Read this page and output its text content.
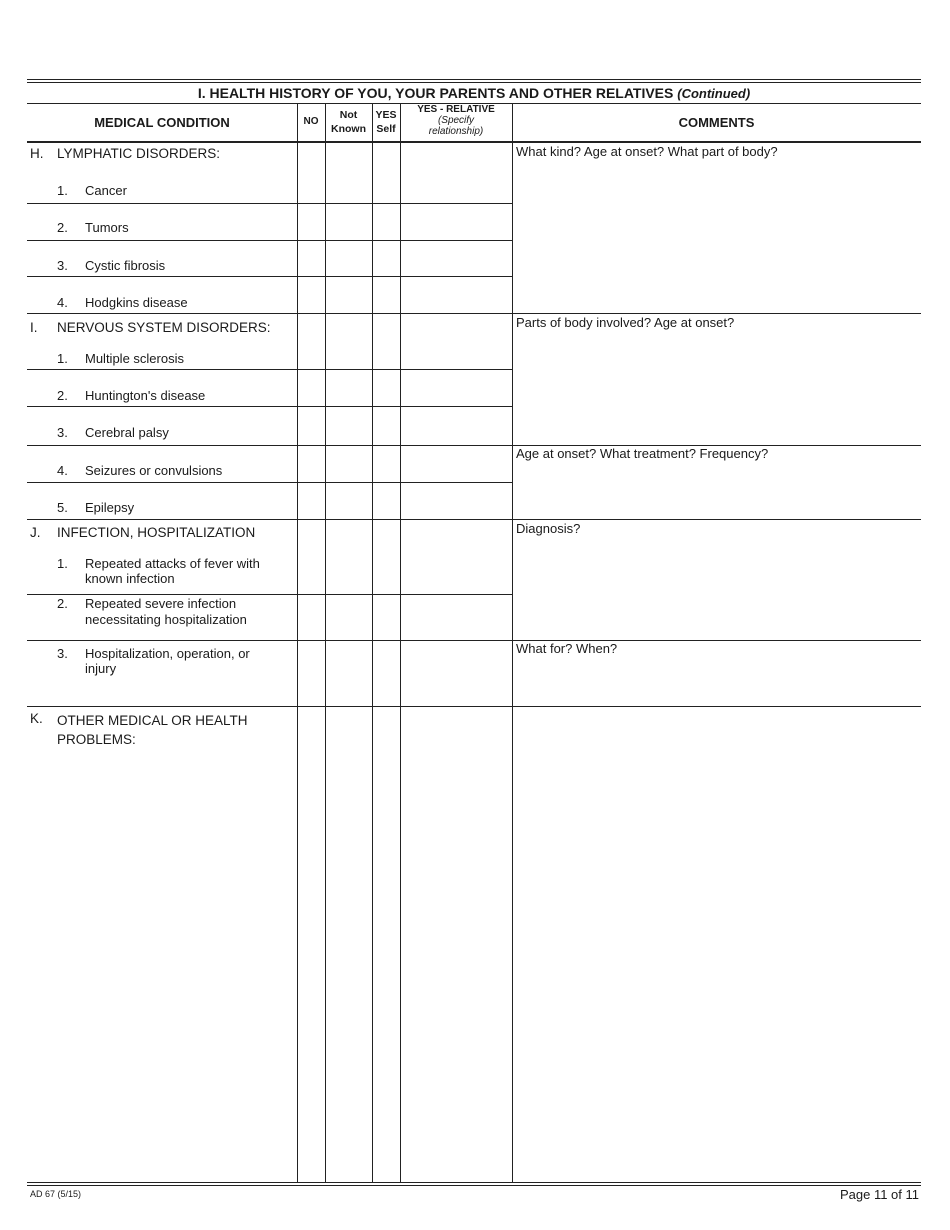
I. HEALTH HISTORY OF YOU, YOUR PARENTS AND OTHER RELATIVES (Continued)
MEDICAL CONDITION	NO
Not
Known
YES
Self
YES - RELATIVE
(Specify
relationship)
COMMENTS
H. LYMPHATIC DISORDERS:
1. Cancer
2. Tumors
3. Cystic fibrosis
4. Hodgkins disease
What kind? Age at onset? What part of body?
I. NERVOUS SYSTEM DISORDERS:
1. Multiple sclerosis
2. Huntington's disease
3. Cerebral palsy
4. Seizures or convulsions
5. Epilepsy
Parts of body involved? Age at onset?
Age at onset? What treatment? Frequency?
J. INFECTION, HOSPITALIZATION
1. Repeated attacks of fever with
known infection
2. Repeated severe infection
necessitating hospitalization
3. Hospitalization, operation, or
injury
Diagnosis?
What for? When?
K. OTHER MEDICAL OR HEALTH
PROBLEMS:
AD 67 (5/15)	Page 11 of 11
